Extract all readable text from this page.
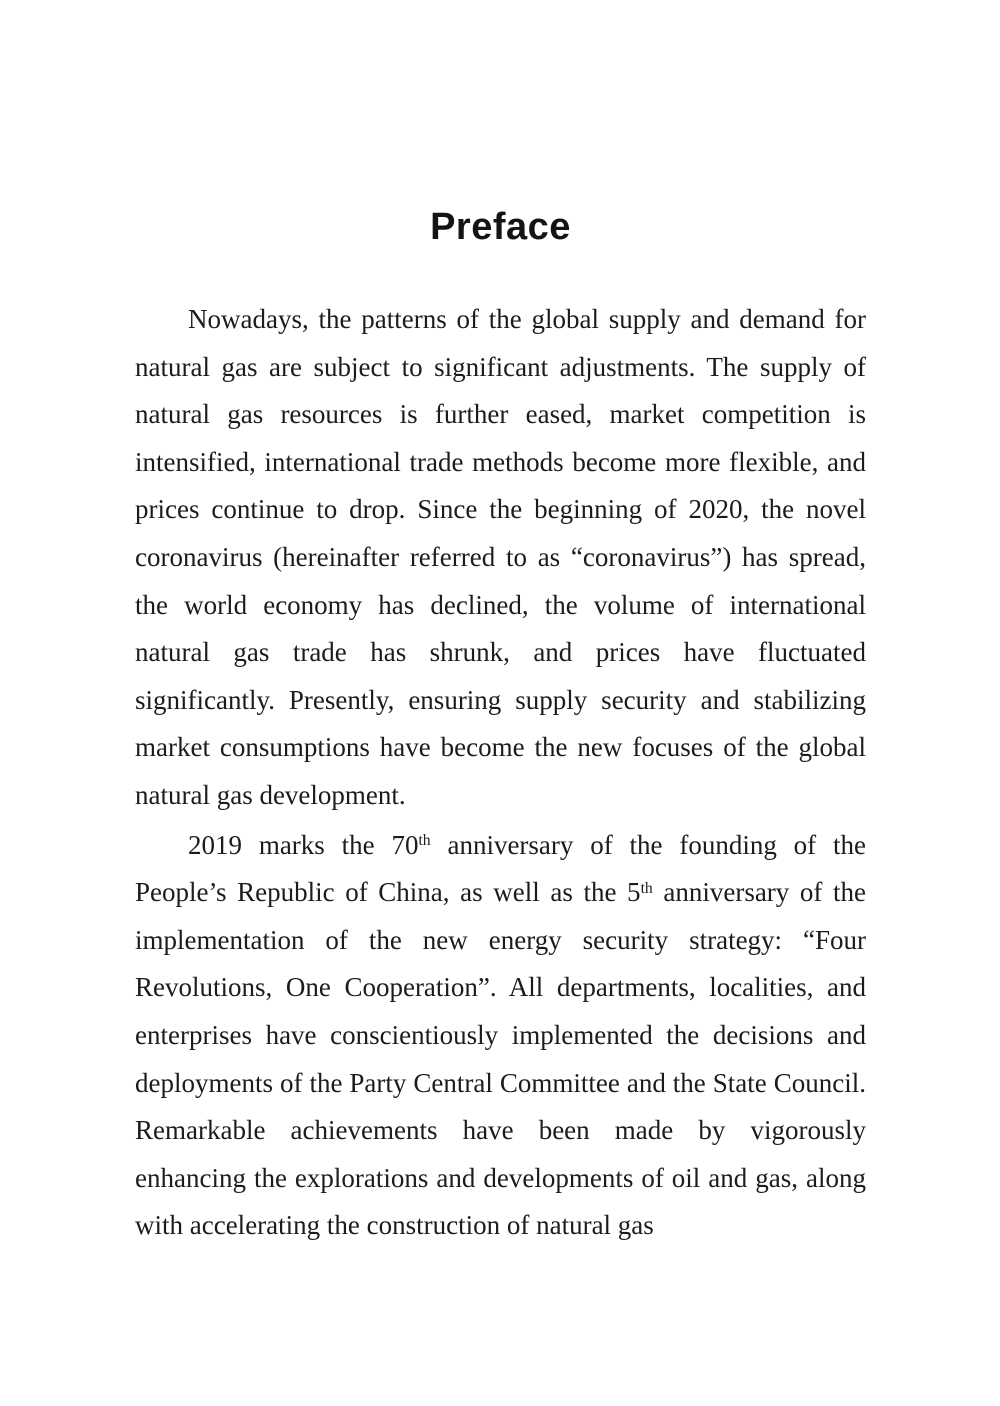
Preface

Nowadays, the patterns of the global supply and demand for natural gas are subject to significant adjustments. The supply of natural gas resources is further eased, market competition is intensified, international trade methods become more flexible, and prices continue to drop. Since the beginning of 2020, the novel coronavirus (hereinafter referred to as “coronavirus”) has spread, the world economy has declined, the volume of international natural gas trade has shrunk, and prices have fluctuated significantly. Presently, ensuring supply security and stabilizing market consumptions have become the new focuses of the global natural gas development.

2019 marks the 70th anniversary of the founding of the People’s Republic of China, as well as the 5th anniversary of the implementation of the new energy security strategy: “Four Revolutions, One Cooperation”. All departments, localities, and enterprises have conscientiously implemented the decisions and deployments of the Party Central Committee and the State Council. Remarkable achievements have been made by vigorously enhancing the explorations and developments of oil and gas, along with accelerating the construction of natural gas
